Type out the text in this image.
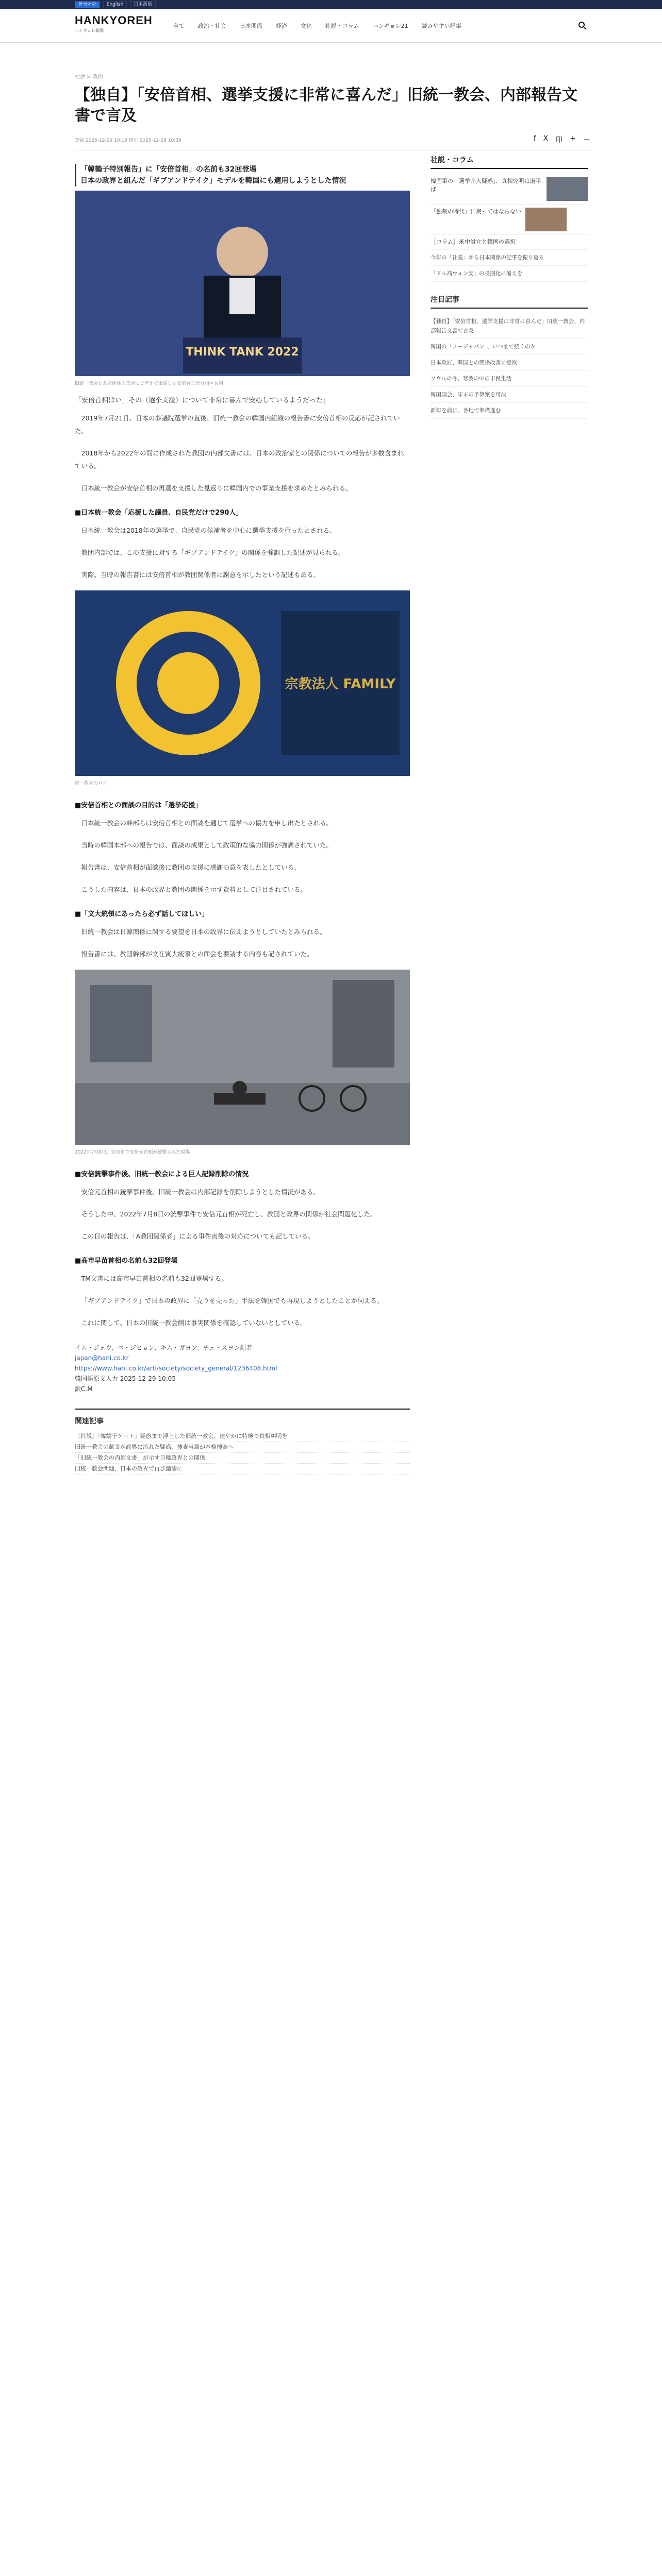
한국어판	English	日本語版
HANKYOREH
ハンギョレ新聞
全て 政治・社会 日本関係 経済 文化 社説・コラム ハンギョレ21 読みやすい記事
社会 > 政治
【独自】「安倍首相、選挙支援に非常に喜んだ」旧統一教会、内部報告文書で言及
登録 2025-12-29 10:19 修正 2025-12-29 10:39	f X 印 + －
「韓鶴子特別報告」に「安倍首相」の名前も32回登場
日本の政界と組んだ「ギブアンドテイク」モデルを韓国にも適用しようとした情況
THINK TANK 2022
旧統一教会と友好団体の集会にビデオで出演した安倍晋三元首相＝共同
「安倍首相はい」その（選挙支援）について非常に喜んで安心しているようだった」

2019年7月21日、日本の参議院選挙の直後、旧統一教会の韓国内組織の報告書に安倍首相の反応が記されていた。

2018年から2022年の間に作成された教団の内部文書には、日本の政治家との関係についての報告が多数含まれている。

日本統一教会が安倍首相の再選を支援した見返りに韓国内での事業支援を求めたとみられる。

■日本統一教会「応援した議員、自民党だけで290人」

日本統一教会は2018年の選挙で、自民党の候補者を中心に選挙支援を行ったとされる。

教団内部では、この支援に対する「ギブアンドテイク」の関係を強調した記述が見られる。

実際、当時の報告書には安倍首相が教団関係者に謝意を示したという記述もある。

宗教法人 FAMILY
統一教会のロゴ
■安倍首相との面談の目的は「選挙応援」

日本統一教会の幹部らは安倍首相との面談を通じて選挙への協力を申し出たとされる。

当時の韓国本部への報告では、面談の成果として政策的な協力関係が強調されていた。

報告書は、安倍首相が面談後に教団の支援に感謝の意を表したとしている。

こうした内容は、日本の政界と教団の関係を示す資料として注目されている。

■「文大統領にあったら必ず話してほしい」

旧統一教会は日韓関係に関する要望を日本の政界に伝えようとしていたとみられる。

報告書には、教団幹部が文在寅大統領との面会を要請する内容も記されていた。

2022年7月8日、奈良市で安倍元首相が銃撃された現場
■安倍銃撃事件後、旧統一教会による巨人記録削除の情況

安倍元首相の銃撃事件後、旧統一教会は内部記録を削除しようとした情況がある。

そうした中、2022年7月8日の銃撃事件で安倍元首相が死亡し、教団と政界の関係が社会問題化した。

この日の報告は、「A教団関係者」による事件直後の対応についても記している。

■高市早苗首相の名前も32回登場

TM文書には高市早苗首相の名前も32回登場する。

「ギブアンドテイク」で日本の政界に「売りを売った」手法を韓国でも再現しようとしたことが伺える。

これに関して、日本の旧統一教会側は事実関係を確認していないとしている。

イム・ジェウ、ペ・ジヒョン、キム・ガヨン、チェ・スヨン記者
japan@hani.co.kr
https://www.hani.co.kr/arti/society/society_general/1236408.html
韓国語原文入力 2025-12-29 10:05
訳C.M
関連記事
［社説］「韓鶴子ゲート」疑惑まで浮上した旧統一教会、速やかに特検で真相糾明を
旧統一教会の献金が政界に流れた疑惑、捜査当局が本格捜査へ
「旧統一教会の内部文書」が示す日韓政界との関係
旧統一教会問題、日本の政界で再び議論に
社説・コラム
韓国軍の「選挙介入疑惑」、真相究明は道半ば
「独裁の時代」に戻ってはならない
［コラム］米中対立と韓国の選択
今年の「社説」から日本関係の記事を振り返る
「ドル高ウォン安」の長期化に備えを
注目記事
【独自】「安倍首相、選挙支援に非常に喜んだ」旧統一教会、内部報告文書で言及
韓国の「ノージャパン」、いつまで続くのか
日本政府、韓国との関係改善に意欲
ソウルの冬、寒波の中の市民生活
韓国国会、年末の予算案を可決
新年を前に、各地で準備進む
